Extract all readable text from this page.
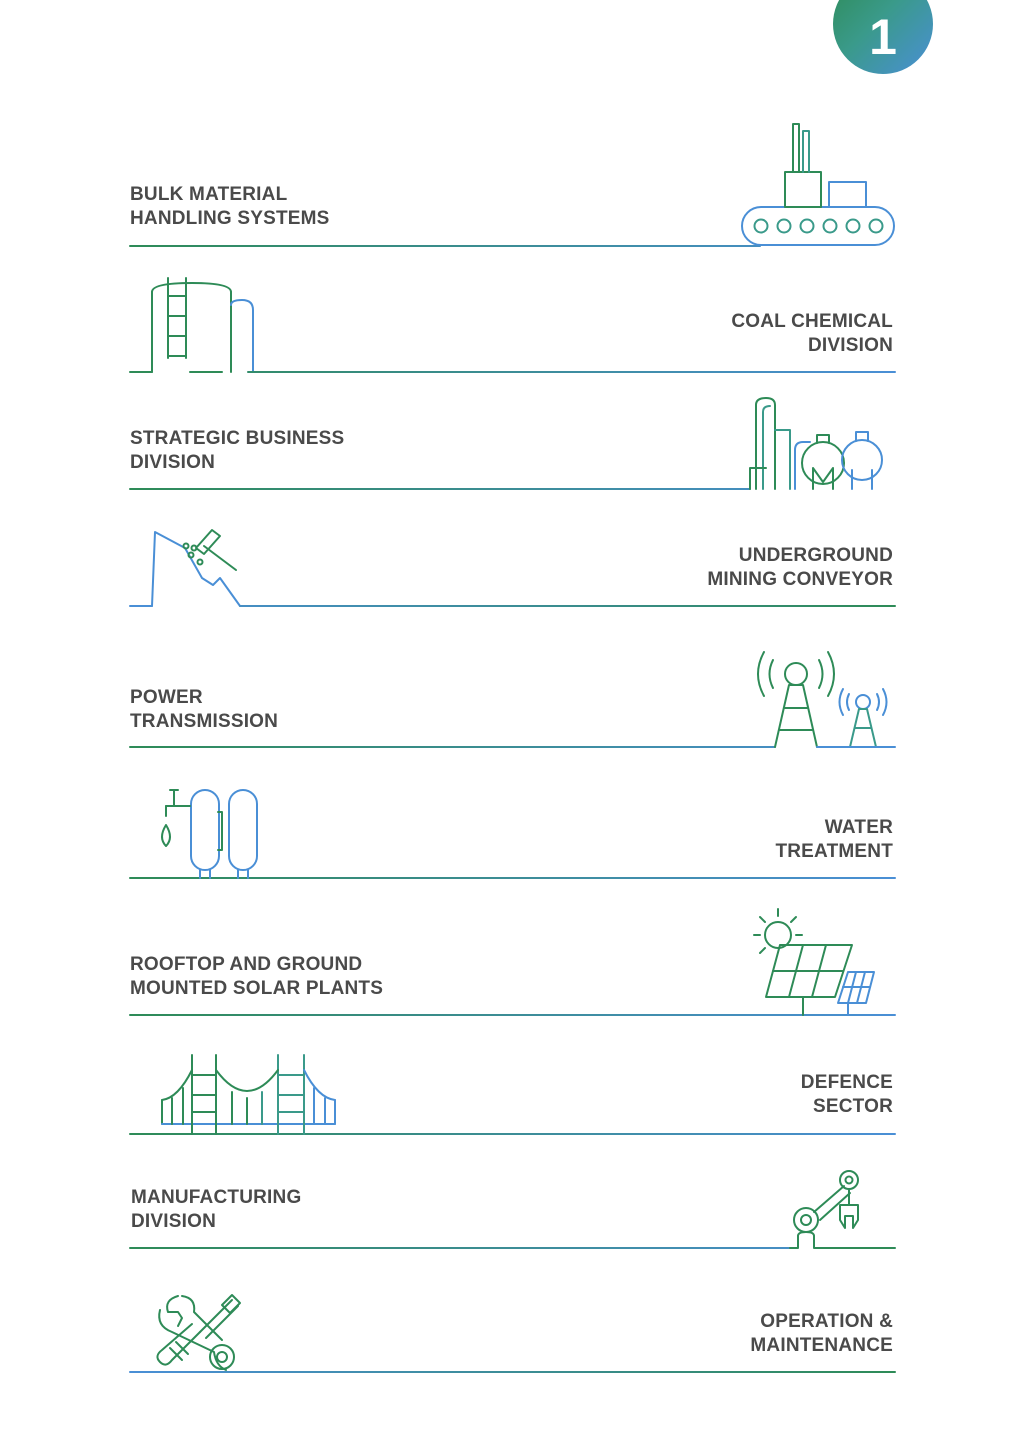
1
BULK MATERIAL
HANDLING SYSTEMS
COAL CHEMICAL
DIVISION
STRATEGIC BUSINESS
DIVISION
UNDERGROUND
MINING CONVEYOR
POWER
TRANSMISSION
WATER
TREATMENT
ROOFTOP AND GROUND
MOUNTED SOLAR PLANTS
DEFENCE
SECTOR
MANUFACTURING
DIVISION
OPERATION &
MAINTENANCE
